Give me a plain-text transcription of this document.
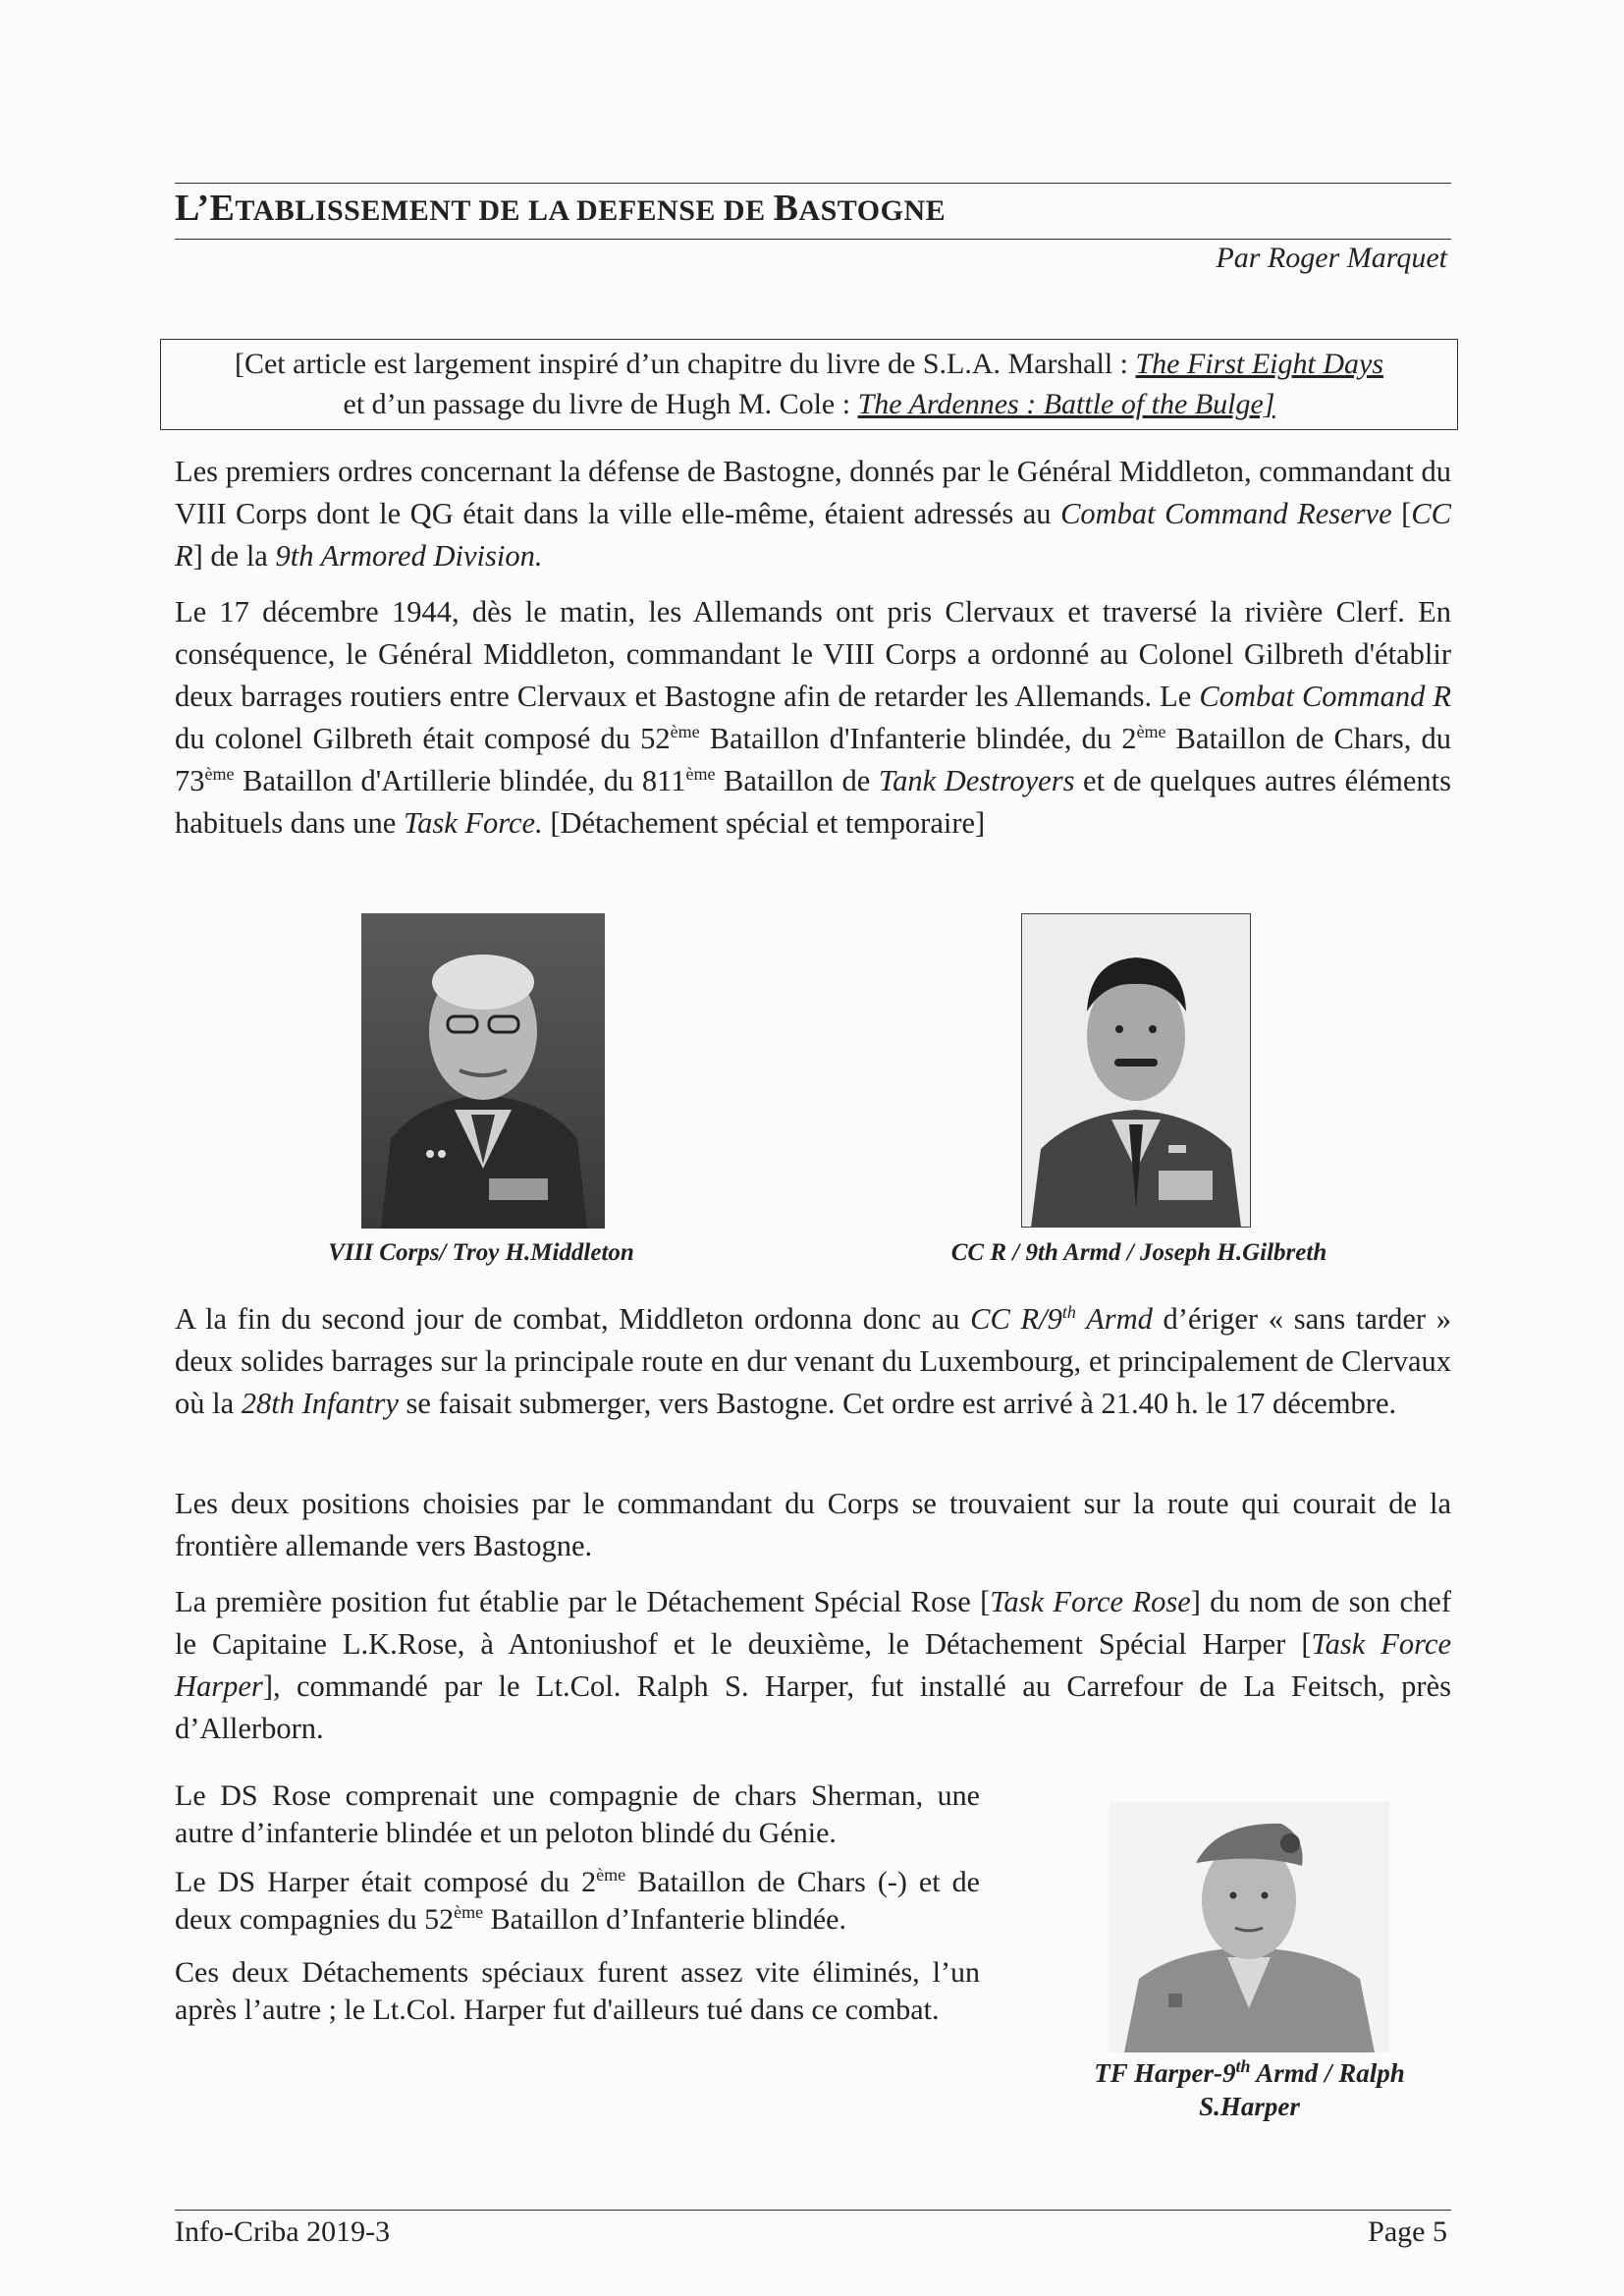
L’ETABLISSEMENT DE LA DEFENSE DE BASTOGNE
Par Roger Marquet
[Cet article est largement inspiré d’un chapitre du livre de S.L.A. Marshall : The First Eight Days
et d’un passage du livre de Hugh M. Cole : The Ardennes : Battle of the Bulge]
Les premiers ordres concernant la défense de Bastogne, donnés par le Général Middleton, commandant du VIII Corps dont le QG était dans la ville elle-même, étaient adressés au Combat Command Reserve [CC R] de la 9th Armored Division.
Le 17 décembre 1944, dès le matin, les Allemands ont pris Clervaux et traversé la rivière Clerf. En conséquence, le Général Middleton, commandant le VIII Corps a ordonné au Colonel Gilbreth d'établir deux barrages routiers entre Clervaux et Bastogne afin de retarder les Allemands. Le Combat Command R du colonel Gilbreth était composé du 52ème Bataillon d'Infanterie blindée, du 2ème Bataillon de Chars, du 73ème Bataillon d'Artillerie blindée, du 811ème Bataillon de Tank Destroyers et de quelques autres éléments habituels dans une Task Force. [Détachement spécial et temporaire]
VIII Corps/ Troy H.Middleton	CC R / 9th Armd / Joseph H.Gilbreth
A la fin du second jour de combat, Middleton ordonna donc au CC R/9th Armd d’ériger « sans tarder » deux solides barrages sur la principale route en dur venant du Luxembourg, et principalement de Clervaux où la 28th Infantry se faisait submerger, vers Bastogne. Cet ordre est arrivé à 21.40 h. le 17 décembre.
Les deux positions choisies par le commandant du Corps se trouvaient sur la route qui courait de la frontière allemande vers Bastogne.
La première position fut établie par le Détachement Spécial Rose [Task Force Rose] du nom de son chef le Capitaine L.K.Rose, à Antoniushof et le deuxième, le Détachement Spécial Harper [Task Force Harper], commandé par le Lt.Col. Ralph S. Harper, fut installé au Carrefour de La Feitsch, près d’Allerborn.
Le DS Rose comprenait une compagnie de chars Sherman, une autre d’infanterie blindée et un peloton blindé du Génie.
Le DS Harper était composé du 2ème Bataillon de Chars (-) et de deux compagnies du 52ème Bataillon d’Infanterie blindée.
Ces deux Détachements spéciaux furent assez vite éliminés, l’un après l’autre ; le Lt.Col. Harper fut d'ailleurs tué dans ce combat.
TF Harper-9th Armd / Ralph
S.Harper
Info-Criba 2019-3	Page 5
